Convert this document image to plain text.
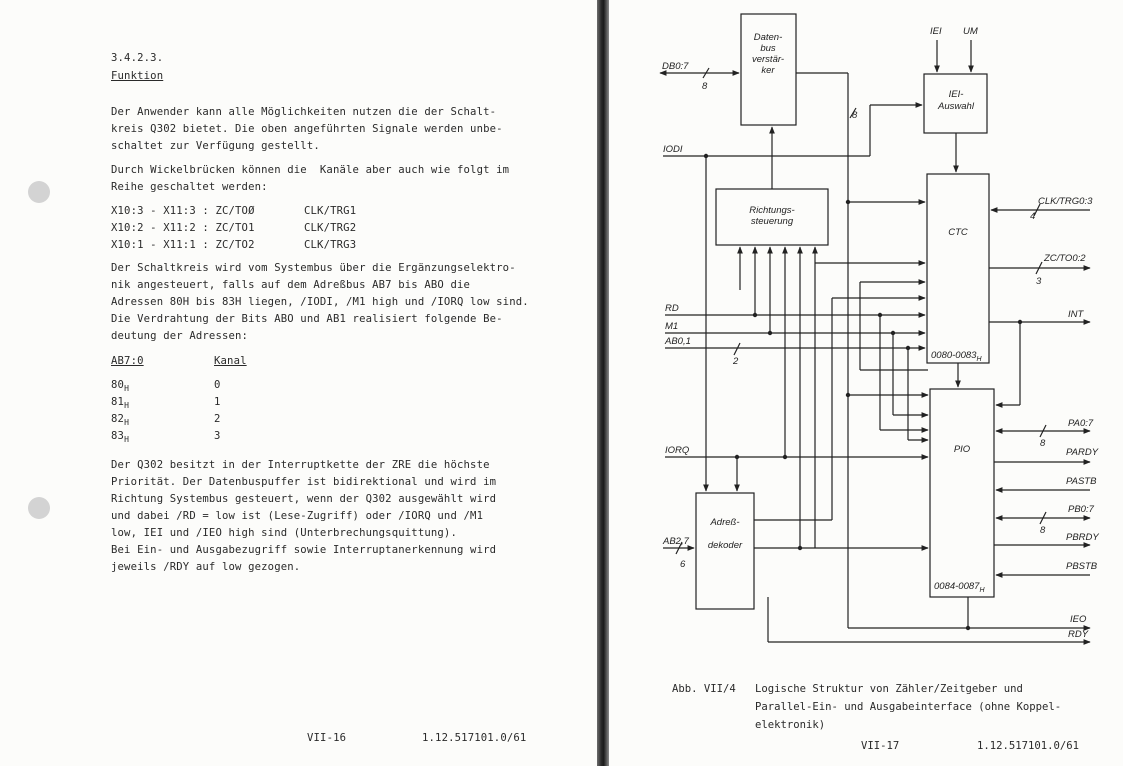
3.4.2.3.
Funktion
Der Anwender kann alle Möglichkeiten nutzen die der Schalt-
kreis Q302 bietet. Die oben angeführten Signale werden unbe-
schaltet zur Verfügung gestellt.
Durch Wickelbrücken können die  Kanäle aber auch wie folgt im
Reihe geschaltet werden:
X10:3 - X11:3 : ZC/TOØ	CLK/TRG1
X10:2 - X11:2 : ZC/TO1	CLK/TRG2
X10:1 - X11:1 : ZC/TO2	CLK/TRG3
Der Schaltkreis wird vom Systembus über die Ergänzungselektro-
nik angesteuert, falls auf dem Adreßbus AB7 bis ABO die
Adressen 80H bis 83H liegen, /IODI, /M1 high und /IORQ low sind.
Die Verdrahtung der Bits ABO und AB1 realisiert folgende Be-
deutung der Adressen:
AB7:0	Kanal
$80_H$	0
$81_H$	1
$82_H$	2
$83_H$	3
Der Q302 besitzt in der Interruptkette der ZRE die höchste
Priorität. Der Datenbuspuffer ist bidirektional und wird im
Richtung Systembus gesteuert, wenn der Q302 ausgewählt wird
und dabei /RD = low ist (Lese-Zugriff) oder /IORQ und /M1
low, IEI und /IEO high sind (Unterbrechungsquittung).
Bei Ein- und Ausgabezugriff sowie Interruptanerkennung wird
jeweils /RDY auf low gezogen.
VII-16	1.12.517101.0/61
Daten-
bus
verstär-
ker
IEI-
Auswahl
Richtungs-
steuerung
CTC
$0080-0083_H$
PIO
$0084-0087_H$
Adreß-
dekoder
DB0:7
8
8
IEI UM
IODI
CLK/TRG0:3
4
ZC/TO0:2
3
INT
RD
M1
AB0,1
2
IORQ
PA0:7
8
PARDY
PASTB
PB0:7
8
PBRDY
PBSTB
AB2,7
6
IEO
RDY
Abb. VII/4 Logische Struktur von Zähler/Zeitgeber und
Parallel-Ein- und Ausgabeinterface (ohne Koppel-
elektronik)
VII-17	1.12.517101.0/61
